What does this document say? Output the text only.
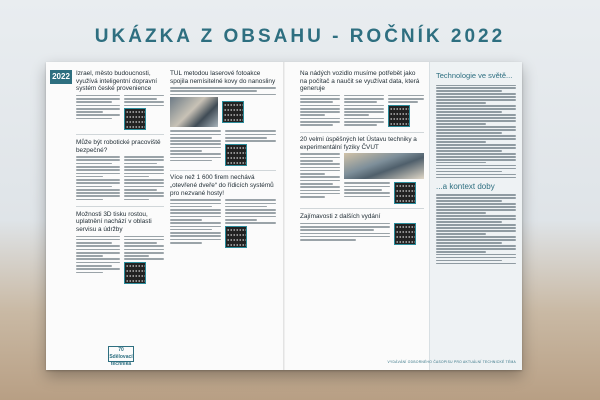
UKÁZKA Z OBSAHU - ROČNÍK 2022
2022 Izrael, město budoucnosti, využívá inteligentní dopravní systém české provenience
Může být robotické pracoviště bezpečné?
Možnosti 3D tisku rostou, uplatnění nachází v oblasti servisu a údržby
TUL metodou laserové fotoakce spojila nemísitelné kovy do nanosliny
Více než 1 600 firem nechává „otevřené dveře“ do řídicích systémů pro nezvané hosty!
70 Sdělovací technika
Na nádých vozidlo musíme potřebět jako na počítač a naučit se využívat data, která generuje
20 velmi úspěšných let Ústavu techniky a experimentální fyziky ČVUT
Zajímavosti z dalších vydání
Technologie ve světě...
...a kontext doby
VYDÁVÁNÍ ODBORNÉHO ČASOPISU PRO AKTUÁLNÍ TECHNICKÉ TÉMA
